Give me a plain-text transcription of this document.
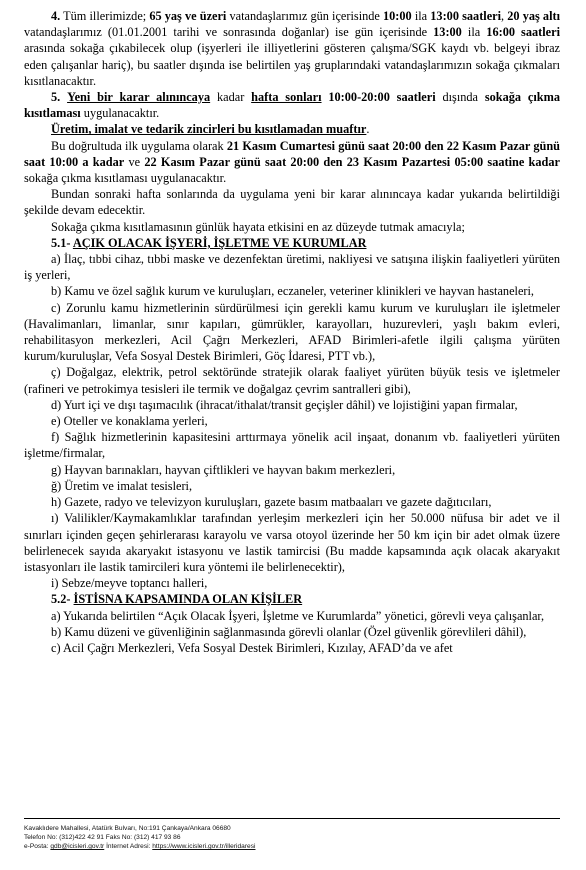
4. Tüm illerimizde; 65 yaş ve üzeri vatandaşlarımız gün içerisinde 10:00 ila 13:00 saatleri, 20 yaş altı vatandaşlarımız (01.01.2001 tarihi ve sonrasında doğanlar) ise gün içerisinde 13:00 ila 16:00 saatleri arasında sokağa çıkabilecek olup (işyerleri ile illiyetlerini gösteren çalışma/SGK kaydı vb. belgeyi ibraz eden çalışanlar hariç), bu saatler dışında ise belirtilen yaş gruplarındaki vatandaşlarımızın sokağa çıkmaları kısıtlanacaktır.

5. Yeni bir karar alınıncaya kadar hafta sonları 10:00-20:00 saatleri dışında sokağa çıkma kısıtlaması uygulanacaktır.

Üretim, imalat ve tedarik zincirleri bu kısıtlamadan muaftır.

Bu doğrultuda ilk uygulama olarak 21 Kasım Cumartesi günü saat 20:00 den 22 Kasım Pazar günü saat 10:00 a kadar ve 22 Kasım Pazar günü saat 20:00 den 23 Kasım Pazartesi 05:00 saatine kadar sokağa çıkma kısıtlaması uygulanacaktır.

Bundan sonraki hafta sonlarında da uygulama yeni bir karar alınıncaya kadar yukarıda belirtildiği şekilde devam edecektir.

Sokağa çıkma kısıtlamasının günlük hayata etkisini en az düzeyde tutmak amacıyla;

5.1- AÇIK OLACAK İŞYERİ, İŞLETME VE KURUMLAR

a) İlaç, tıbbi cihaz, tıbbi maske ve dezenfektan üretimi, nakliyesi ve satışına ilişkin faaliyetleri yürüten iş yerleri,

b) Kamu ve özel sağlık kurum ve kuruluşları, eczaneler, veteriner klinikleri ve hayvan hastaneleri,

c) Zorunlu kamu hizmetlerinin sürdürülmesi için gerekli kamu kurum ve kuruluşları ile işletmeler (Havalimanları, limanlar, sınır kapıları, gümrükler, karayolları, huzurevleri, yaşlı bakım evleri, rehabilitasyon merkezleri, Acil Çağrı Merkezleri, AFAD Birimleri-afetle ilgili çalışma yürüten kurum/kuruluşlar, Vefa Sosyal Destek Birimleri, Göç İdaresi, PTT vb.),

ç) Doğalgaz, elektrik, petrol sektöründe stratejik olarak faaliyet yürüten büyük tesis ve işletmeler (rafineri ve petrokimya tesisleri ile termik ve doğalgaz çevrim santralleri gibi),

d) Yurt içi ve dışı taşımacılık (ihracat/ithalat/transit geçişler dâhil) ve lojistiğini yapan firmalar,

e) Oteller ve konaklama yerleri,

f) Sağlık hizmetlerinin kapasitesini arttırmaya yönelik acil inşaat, donanım vb. faaliyetleri yürüten işletme/firmalar,

g) Hayvan barınakları, hayvan çiftlikleri ve hayvan bakım merkezleri,

ğ) Üretim ve imalat tesisleri,

h) Gazete, radyo ve televizyon kuruluşları, gazete basım matbaaları ve gazete dağıtıcıları,

ı) Valilikler/Kaymakamlıklar tarafından yerleşim merkezleri için her 50.000 nüfusa bir adet ve il sınırları içinden geçen şehirlerarası karayolu ve varsa otoyol üzerinde her 50 km için bir adet olmak üzere belirlenecek sayıda akaryakıt istasyonu ve lastik tamircisi (Bu madde kapsamında açık olacak akaryakıt istasyonları ile lastik tamircileri kura yöntemi ile belirlenecektir),

i) Sebze/meyve toptancı halleri,

5.2- İSTİSNA KAPSAMINDA OLAN KİŞİLER

a) Yukarıda belirtilen “Açık Olacak İşyeri, İşletme ve Kurumlarda” yönetici, görevli veya çalışanlar,

b) Kamu düzeni ve güvenliğinin sağlanmasında görevli olanlar (Özel güvenlik görevlileri dâhil),

c) Acil Çağrı Merkezleri, Vefa Sosyal Destek Birimleri, Kızılay, AFAD’da ve afet

Kavaklıdere Mahallesi, Atatürk Bulvarı, No:191 Çankaya/Ankara 06680
Telefon No: (312)422 42 91 Faks No: (312) 417 93 86
e-Posta: gdb@icisleri.gov.tr İnternet Adresi: https://www.icisleri.gov.tr/illeridaresi
